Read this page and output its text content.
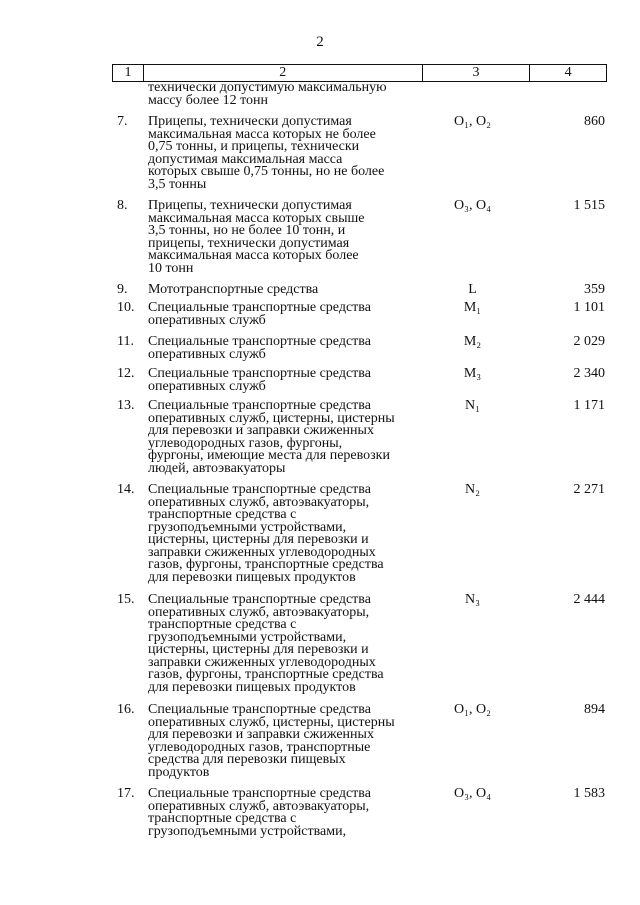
2
1	2	3	4
технически допустимую максимальную
массу более 12 тонн
7.	Прицепы, технически допустимая
максимальная масса которых не более
0,75 тонны, и прицепы, технически
допустимая максимальная масса
которых свыше 0,75 тонны, но не более
3,5 тонны
O₁, O₂	860
8.	Прицепы, технически допустимая
максимальная масса которых свыше
3,5 тонны, но не более 10 тонн, и
прицепы, технически допустимая
максимальная масса которых более
10 тонн
O₃, O₄	1 515
9.	Мототранспортные средства	L	359
10. Специальные транспортные средства
оперативных служб
M₁	1 101
11.	Специальные транспортные средства
оперативных служб
M₂	2 029
12. Специальные транспортные средства
оперативных служб
M₃	2 340
13. Специальные транспортные средства
оперативных служб, цистерны, цистерны
для перевозки и заправки сжиженных
углеводородных газов, фургоны,
фургоны, имеющие места для перевозки
людей, автоэвакуаторы
N₁	1 171
14. Специальные транспортные средства
оперативных служб, автоэвакуаторы,
транспортные средства с
грузоподъемными устройствами,
цистерны, цистерны для перевозки и
заправки сжиженных углеводородных
газов, фургоны, транспортные средства
для перевозки пищевых продуктов
N₂	2 271
15. Специальные транспортные средства
оперативных служб, автоэвакуаторы,
транспортные средства с
грузоподъемными устройствами,
цистерны, цистерны для перевозки и
заправки сжиженных углеводородных
газов, фургоны, транспортные средства
для перевозки пищевых продуктов
N₃	2 444
16. Специальные транспортные средства
оперативных служб, цистерны, цистерны
для перевозки и заправки сжиженных
углеводородных газов, транспортные
средства для перевозки пищевых
продуктов
O₁, O₂	894
17. Специальные транспортные средства
оперативных служб, автоэвакуаторы,
транспортные средства с
грузоподъемными устройствами,
O₃, O₄	1 583
